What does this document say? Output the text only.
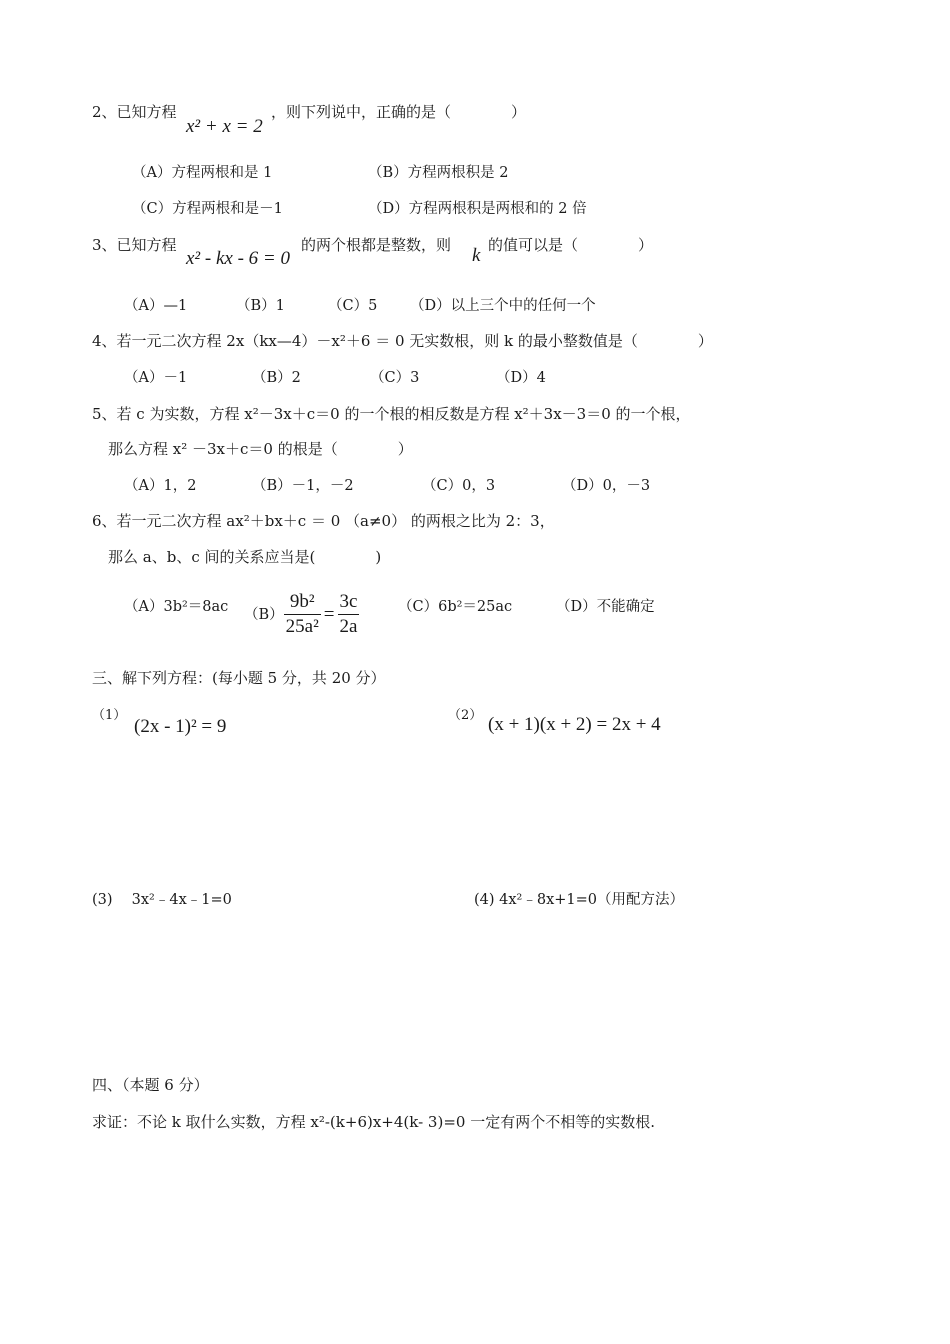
2、已知方程
x² + x = 2
，则下列说中，正确的是（　　　　）
（A）方程两根和是 1	（B）方程两根积是 2
（C）方程两根和是－1	（D）方程两根积是两根和的 2 倍
3、已知方程
x² - kx - 6 = 0
的两个根都是整数，则 k 的值可以是（　　　　）
（A）—1	（B）1	（C）5 （D）以上三个中的任何一个
4、若一元二次方程 2x（kx—4）－x²＋6 ＝ 0 无实数根，则 k 的最小整数值是（　　　　）
（A）－1	（B）2	（C）3	（D）4
5、若 c 为实数，方程 x²－3x＋c＝0 的一个根的相反数是方程 x²＋3x－3＝0 的一个根，
那么方程 x² －3x＋c＝0 的根是（　　　　）
（A）1，2	（B）－1，－2	（C）0，3	（D）0，－3
6、若一元二次方程 ax²＋bx＋c ＝ 0 （a≠0） 的两根之比为 2：3，
那么 a、b、c 间的关系应当是(　　　　)
（A）3b²＝8ac $(B) \frac{\text{9b²}}{\text{25a²}} = \frac{3c}{2a}$	（C）6b²＝25ac	（D）不能确定
三、解下列方程：(每小题 5 分，共 20 分）
（1）
(2x - 1)² = 9
（2） (x + 1)(x + 2) = 2x + 4
(3)　 3x²﹣4x﹣1=0	(4) 4x²﹣8x+1=0（用配方法）
四、（本题 6 分）
求证：不论 k 取什么实数，方程 x²-(k+6)x+4(k- 3)=0 一定有两个不相等的实数根.
